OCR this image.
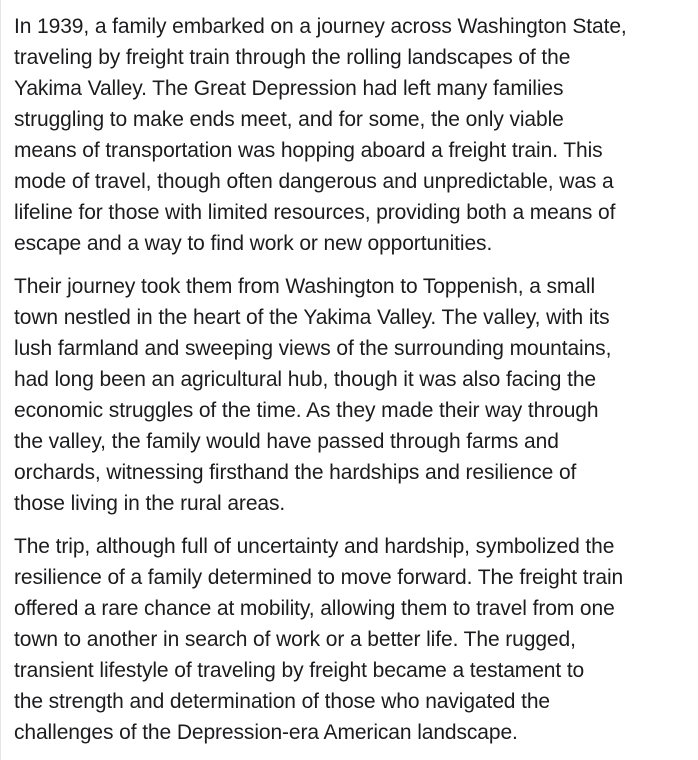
In 1939, a family embarked on a journey across Washington State,
traveling by freight train through the rolling landscapes of the
Yakima Valley. The Great Depression had left many families
struggling to make ends meet, and for some, the only viable
means of transportation was hopping aboard a freight train. This
mode of travel, though often dangerous and unpredictable, was a
lifeline for those with limited resources, providing both a means of
escape and a way to find work or new opportunities.

Their journey took them from Washington to Toppenish, a small
town nestled in the heart of the Yakima Valley. The valley, with its
lush farmland and sweeping views of the surrounding mountains,
had long been an agricultural hub, though it was also facing the
economic struggles of the time. As they made their way through
the valley, the family would have passed through farms and
orchards, witnessing firsthand the hardships and resilience of
those living in the rural areas.

The trip, although full of uncertainty and hardship, symbolized the
resilience of a family determined to move forward. The freight train
offered a rare chance at mobility, allowing them to travel from one
town to another in search of work or a better life. The rugged,
transient lifestyle of traveling by freight became a testament to
the strength and determination of those who navigated the
challenges of the Depression-era American landscape.
